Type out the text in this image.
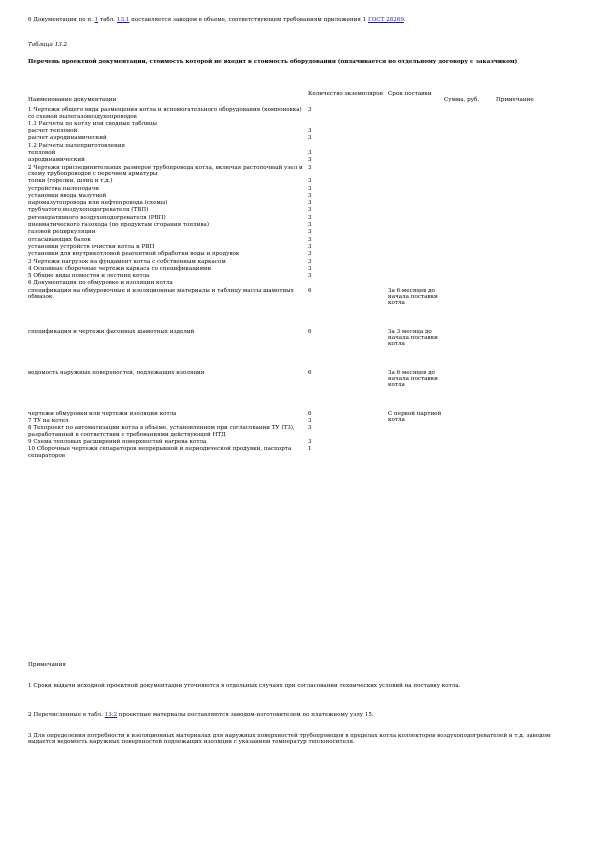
6 Документация по п. 1 табл. 13.1 поставляется заводом в объеме, соответствующем требованиям приложения 1 ГОСТ 28269.
Таблица 13.2
Перечень проектной документации, стоимость которой не входит в стоимость оборудования (оплачивается по отдельному договору с заказчиком)
Наименование документации	Количество экземпляров	Срок поставки	Сумма, руб.	Примечание
1 Чертежи общего вида размещения котла и вспомогательного оборудования (компоновка) со схемой пылегазовоздухопроводов	3			
1.1 Расчеты по котлу или сводные таблицы				
расчет тепловой	3			
расчет аэродинамический	3			
1.2 Расчеты пылеприготовления				
тепловой	3			
аэродинамический	3			
2 Чертежи присоединительных размеров трубопровода котла, включая растопочный узел и схему трубопроводов с перечнем арматуры	3			
топки (горелки, шлиц и т.д.)	3			
устройства пылеподачи	3			
установки ввода мазутной	3			
паромазутопровода или нефтепровода (схемы)	3			
трубчатого воздухоподогревателя (ТВП)	3			
регенеративного воздухоподогревателя (РВП)	3			
пневматического газохода (по продуктам сгорания топлива)	3			
газовой рециркуляции	3			
отсасывающих балок	3			
установки устройств очистки котла и РВП	3			
установки для внутрикотловой реагентной обработки воды и продувок	3			
3 Чертежи нагрузок на фундамент котла с собственным каркасом	3			
4 Основные сборочные чертежи каркаса со спецификациями	3			
5 Общие виды помостов и лестниц котла	3			
6 Документация по обмуровке и изоляции котла				
спецификация на обмуровочные и изоляционные материалы и таблицу массы шамотных обмазок	6	За 6 месяцев до начала поставки котла		
спецификация и чертежи фасонных шамотных изделий	6	За 3 месяца до начала поставки котла		
ведомость наружных поверхностей, подлежащих изоляции	6	За 6 месяцев до начала поставки котла		
чертежи обмуровки или чертежи изоляции котла	6	С первой партией котла		
7 ТУ на котел	3			
8 Техпроект по автоматизации котла в объеме, установленном при согласовании ТУ (ТЗ), разработанный в соответствии с требованиями действующей НТД	3			
9 Схема тепловых расширений поверхностей нагрева котла	3			
10 Сборочные чертежи сепараторов непрерывной и периодической продувки, паспорта сепараторов	1			
Примечания
1 Сроки выдачи исходной проектной документации уточняются в отдельных случаях при согласовании технических условий на поставку котла.
2 Перечисленные в табл. 13.2 проектные материалы поставляются заводом-изготовителем по платежному узлу 15.
3 Для определения потребности в изоляционных материалах для наружных поверхностей трубопроводов в пределах котла коллекторов воздухоподогревателей и т.д. заводом выдается ведомость наружных поверхностей подлежащих изоляции с указанием температур теплоносителя.
